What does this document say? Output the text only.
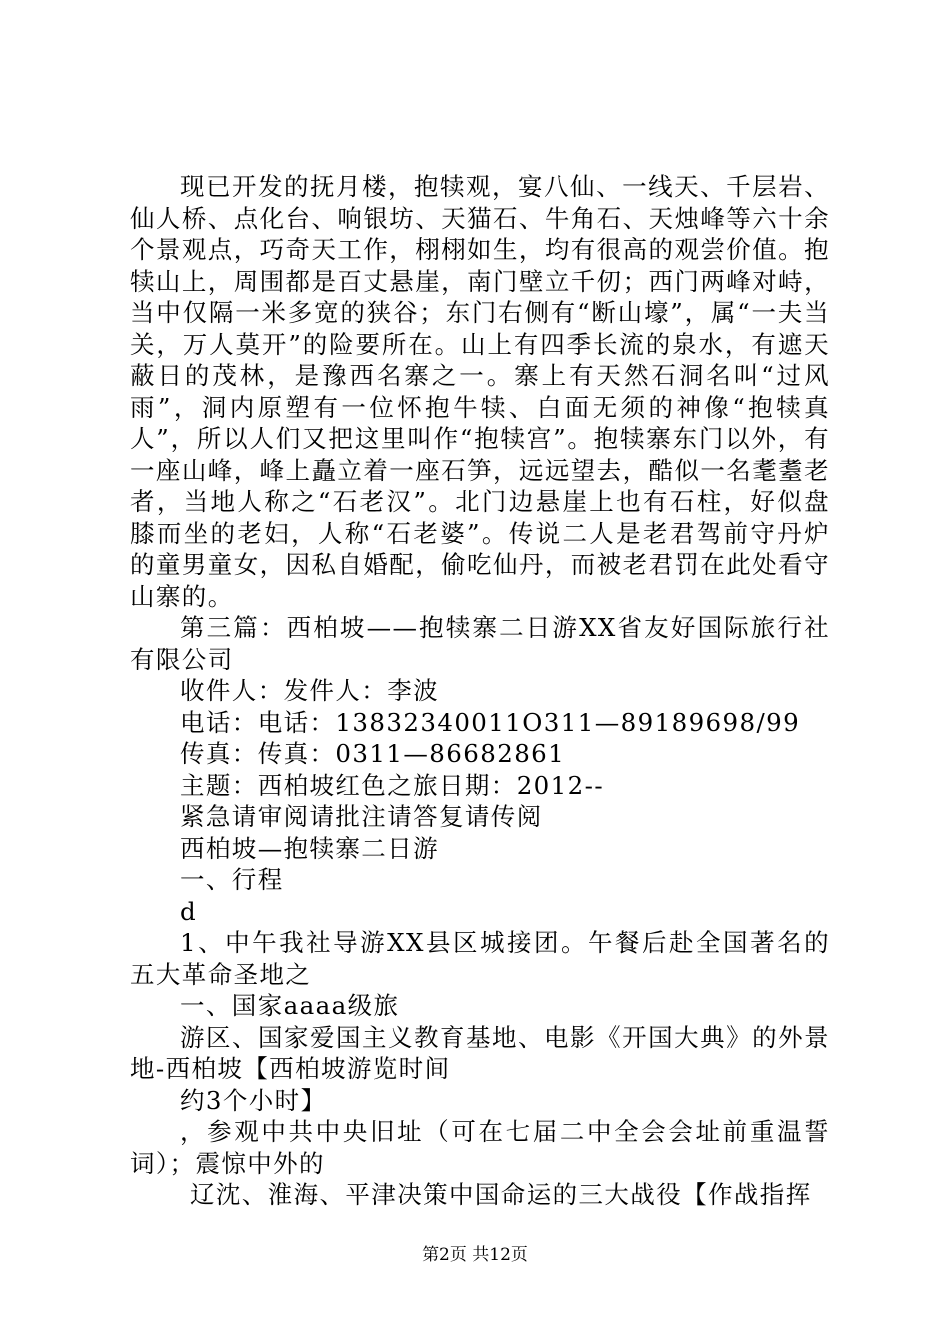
现已开发的抚月楼，抱犊观，宴八仙、一线天、千层岩、仙人桥、点化台、响银坊、天猫石、牛角石、天烛峰等六十余个景观点，巧奇天工作，栩栩如生，均有很高的观尝价值。抱犊山上，周围都是百丈悬崖，南门壁立千仞；西门两峰对峙，当中仅隔一米多宽的狭谷；东门右侧有“断山壕”，属“一夫当关，万人莫开”的险要所在。山上有四季长流的泉水，有遮天蔽日的茂林，是豫西名寨之一。寨上有天然石洞名叫“过风雨”，洞内原塑有一位怀抱牛犊、白面无须的神像“抱犊真人”，所以人们又把这里叫作“抱犊宫”。抱犊寨东门以外，有一座山峰，峰上矗立着一座石笋，远远望去，酷似一名耄耋老者，当地人称之“石老汉”。北门边悬崖上也有石柱，好似盘膝而坐的老妇，人称“石老婆”。传说二人是老君驾前守丹炉的童男童女，因私自婚配，偷吃仙丹，而被老君罚在此处看守山寨的。

第三篇：西柏坡——抱犊寨二日游XX省友好国际旅行社有限公司

收件人：发件人：李波

电话：电话：13832340011O311—89189698/99

传真：传真：0311—86682861

主题：西柏坡红色之旅日期：2012--

紧急请审阅请批注请答复请传阅

西柏坡—抱犊寨二日游

一、行程

d

1、中午我社导游XX县区城接团。午餐后赴全国著名的五大革命圣地之

一、国家aaaa级旅

游区、国家爱国主义教育基地、电影《开国大典》的外景地-西柏坡【西柏坡游览时间

约3个小时】

，参观中共中央旧址（可在七届二中全会会址前重温誓词）；震惊中外的

辽沈、淮海、平津决策中国命运的三大战役【作战指挥

第2页 共12页
